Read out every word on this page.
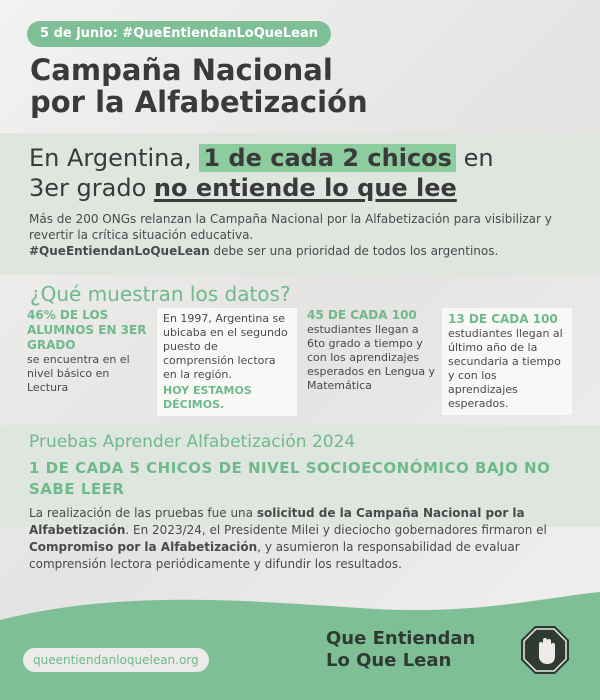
5 de junio: #QueEntiendanLoQueLean
Campaña Nacional
por la Alfabetización
En Argentina, 1 de cada 2 chicos en
3er grado no entiende lo que lee
Más de 200 ONGs relanzan la Campaña Nacional por la Alfabetización para visibilizar y revertir la crítica situación educativa.
#QueEntiendanLoQueLean debe ser una prioridad de todos los argentinos.
¿Qué muestran los datos?
46% DE LOS ALUMNOS EN 3ER GRADO
se encuentra en el nivel básico en Lectura
En 1997, Argentina se ubicaba en el segundo puesto de comprensión lectora en la región.
HOY ESTAMOS DÉCIMOS.
45 DE CADA 100
estudiantes llegan a 6to grado a tiempo y con los aprendizajes esperados en Lengua y Matemática
13 DE CADA 100
estudiantes llegan al último año de la secundaria a tiempo y con los aprendizajes esperados.
Pruebas Aprender Alfabetización 2024
1 DE CADA 5 CHICOS DE NIVEL SOCIOECONÓMICO BAJO NO SABE LEER
La realización de las pruebas fue una solicitud de la Campaña Nacional por la Alfabetización. En 2023/24, el Presidente Milei y dieciocho gobernadores firmaron el Compromiso por la Alfabetización, y asumieron la responsabilidad de evaluar comprensión lectora periódicamente y difundir los resultados.
queentiendanloquelean.org
Que Entiendan
Lo Que Lean
